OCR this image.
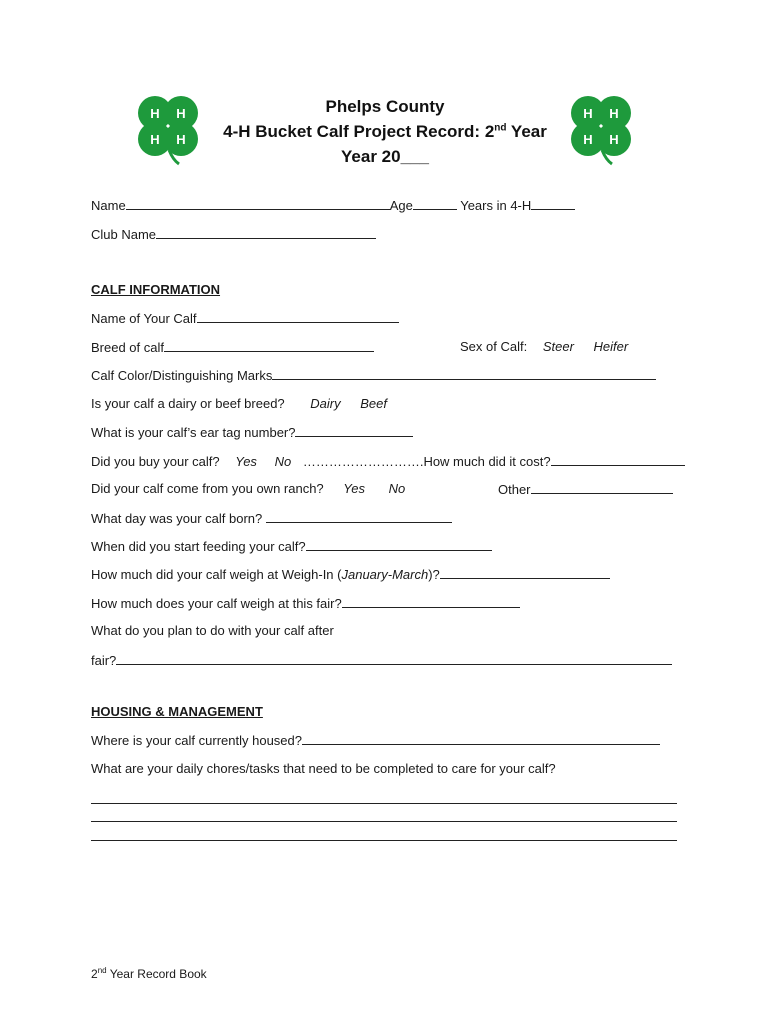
H H
H H
H H
H H
Phelps County
4-H Bucket Calf Project Record: 2nd Year
Year 20___
Name	Age	Years in 4-H
Club Name
CALF INFORMATION
Name of Your Calf
Breed of calf	Sex of Calf: Steer Heifer
Calf Color/Distinguishing Marks
Is your calf a dairy or beef breed? Dairy Beef
What is your calf’s ear tag number?
Did you buy your calf? Yes No ……………………….How much did it cost?
Did your calf come from you own ranch? Yes No	Other
What day was your calf born?
When did you start feeding your calf?
How much did your calf weigh at Weigh-In (January-March)?
How much does your calf weigh at this fair?
What do you plan to do with your calf after
fair?
HOUSING & MANAGEMENT
Where is your calf currently housed?
What are your daily chores/tasks that need to be completed to care for your calf?
2nd Year Record Book
